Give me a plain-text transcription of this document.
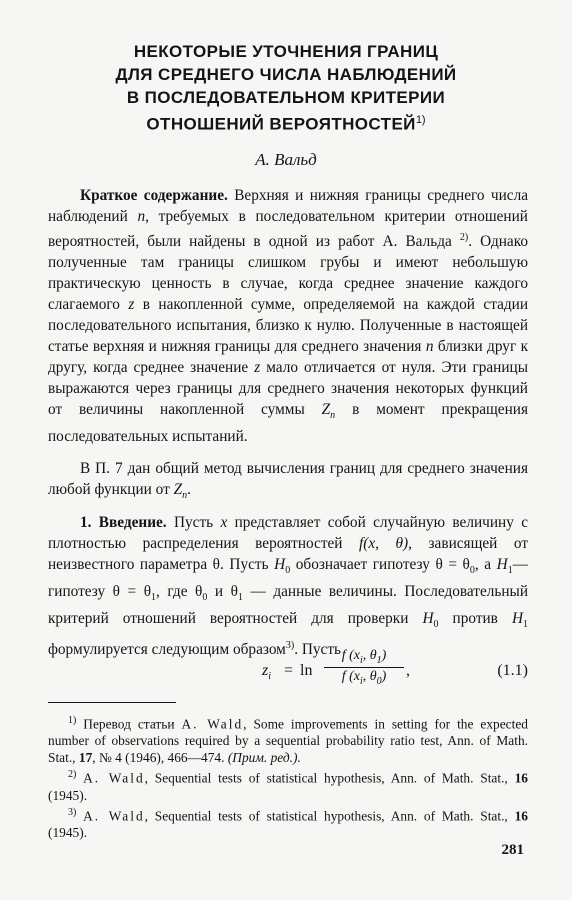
НЕКОТОРЫЕ УТОЧНЕНИЯ ГРАНИЦ
ДЛЯ СРЕДНЕГО ЧИСЛА НАБЛЮДЕНИЙ
В ПОСЛЕДОВАТЕЛЬНОМ КРИТЕРИИ
ОТНОШЕНИЙ ВЕРОЯТНОСТЕЙ$^{1)}$
А. Вальд
Краткое содержание. Верхняя и нижняя границы среднего числа наблюдений n, требуемых в последовательном критерии отношений вероятностей, были найдены в одной из работ А. Вальда $^{2)}$. Однако полученные там границы слишком грубы и имеют небольшую практическую ценность в случае, когда среднее значение каждого слагаемого z в накопленной сумме, определяемой на каждой стадии последовательного испытания, близко к нулю. Полученные в настоящей статье верхняя и нижняя границы для среднего значения n близки друг к другу, когда среднее значение z мало отличается от нуля. Эти границы выражаются через границы для среднего значения некоторых функций от величины накопленной суммы $Z_n$ в момент прекращения последовательных испытаний.
В П. 7 дан общий метод вычисления границ для среднего значения любой функции от $Z_n$.
1. Введение. Пусть x представляет собой случайную величину с плотностью распределения вероятностей f(x, θ), зависящей от неизвестного параметра θ. Пусть $H_0$ обозначает гипотезу $\theta = \theta_0$, а $H_1—$ гипотезу $\theta = \theta_1$, где $\theta_0$ и $\theta_1$ — данные величины. Последовательный критерий отношений вероятностей для проверки $H_0$ против $H_1$ формулируется следующим образом$^{3)}$. Пусть
$z_i = \ln \frac{f (x_i, \theta_1)}{f (x_i, \theta_0)}$ ,	(1.1)

$^{1)}$ Перевод статьи A. Wald, Some improvements in setting for the expected number of observations required by a sequential probability ratio test, Ann. of Math. Stat., 17, № 4 (1946), 466—474. (Прим. ред.).

$^{2)}$ A. Wald, Sequential tests of statistical hypothesis, Ann. of Math. Stat., 16 (1945).

$^{3)}$ A. Wald, Sequential tests of statistical hypothesis, Ann. of Math. Stat., 16 (1945).

281
